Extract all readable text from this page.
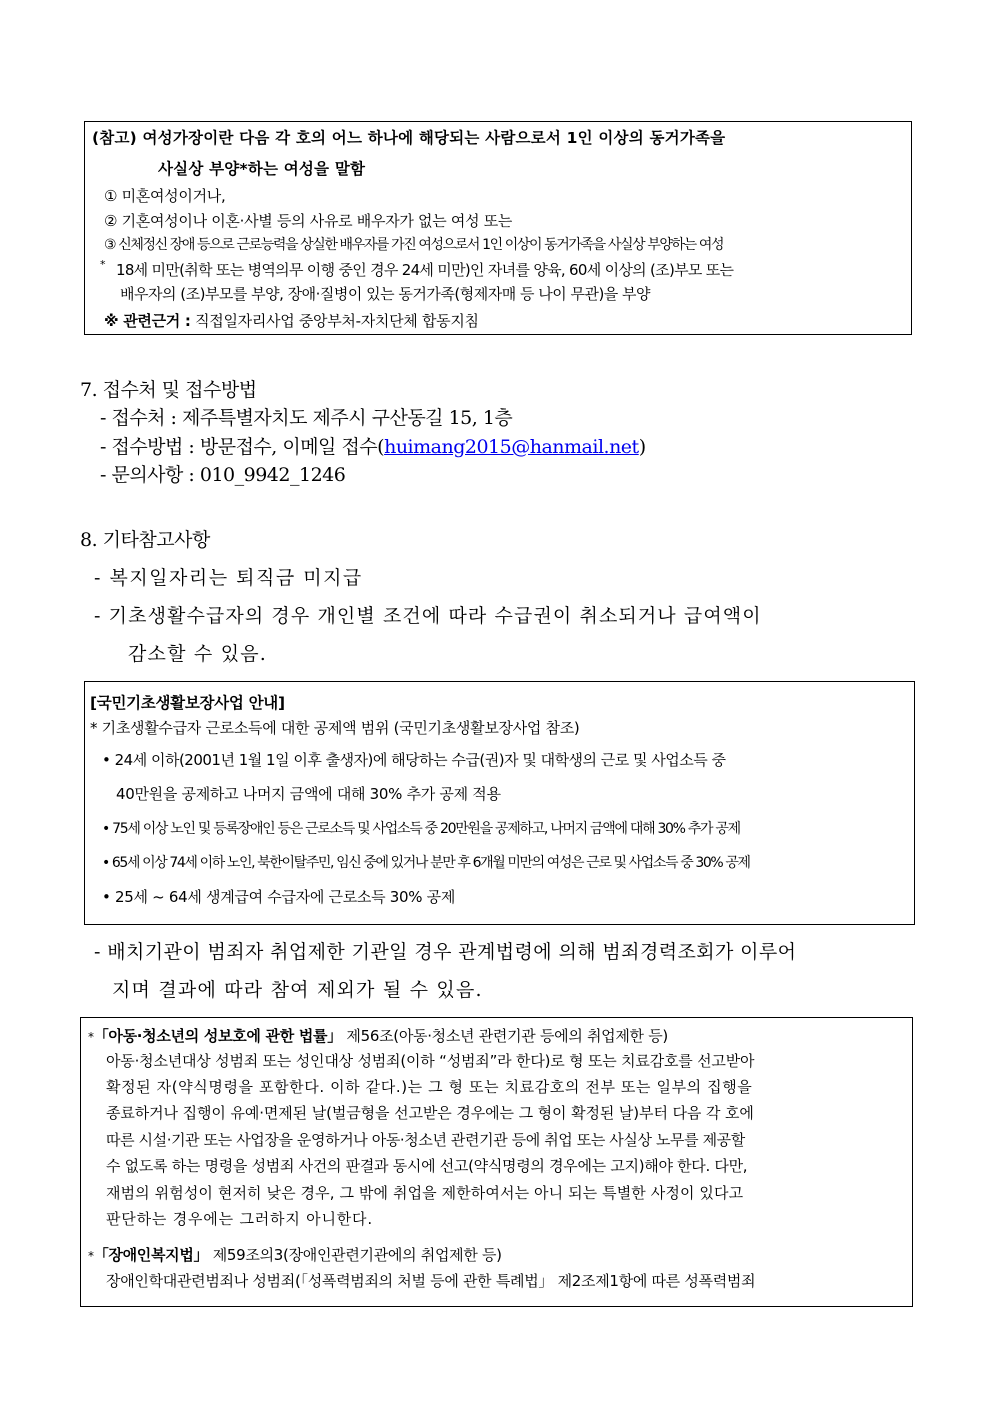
(참고) 여성가장이란 다음 각 호의 어느 하나에 해당되는 사람으로서 1인 이상의 동거가족을
사실상 부양*하는 여성을 말함
① 미혼여성이거나,
② 기혼여성이나 이혼·사별 등의 사유로 배우자가 없는 여성 또는
③ 신체정신 장애 등으로 근로능력을 상실한 배우자를 가진 여성으로서 1인 이상이 동거가족을 사실상 부양하는 여성
* 18세 미만(취학 또는 병역의무 이행 중인 경우 24세 미만)인 자녀를 양육, 60세 이상의 (조)부모 또는
배우자의 (조)부모를 부양, 장애·질병이 있는 동거가족(형제자매 등 나이 무관)을 부양
※ 관련근거 : 직접일자리사업 중앙부처-자치단체 합동지침
7. 접수처 및 접수방법
- 접수처 : 제주특별자치도 제주시 구산동길 15, 1층
- 접수방법 : 방문접수, 이메일 접수(huimang2015@hanmail.net)
- 문의사항 : 010_9942_1246
8. 기타참고사항
- 복지일자리는 퇴직금 미지급
- 기초생활수급자의 경우 개인별 조건에 따라 수급권이 취소되거나 급여액이
감소할 수 있음.
[국민기초생활보장사업 안내]
* 기초생활수급자 근로소득에 대한 공제액 범위 (국민기초생활보장사업 참조)
• 24세 이하(2001년 1월 1일 이후 출생자)에 해당하는 수급(권)자 및 대학생의 근로 및 사업소득 중
40만원을 공제하고 나머지 금액에 대해 30% 추가 공제 적용
• 75세 이상 노인 및 등록장애인 등은 근로소득 및 사업소득 중 20만원을 공제하고, 나머지 금액에 대해 30% 추가 공제
• 65세 이상 74세 이하 노인, 북한이탈주민, 임신 중에 있거나 분만 후 6개월 미만의 여성은 근로 및 사업소득 중 30% 공제
• 25세 ~ 64세 생계급여 수급자에 근로소득 30% 공제
- 배치기관이 범죄자 취업제한 기관일 경우 관계법령에 의해 범죄경력조회가 이루어
지며 결과에 따라 참여 제외가 될 수 있음.
*「아동·청소년의 성보호에 관한 법률」 제56조(아동·청소년 관련기관 등에의 취업제한 등)
아동·청소년대상 성범죄 또는 성인대상 성범죄(이하 “성범죄”라 한다)로 형 또는 치료감호를 선고받아
확정된 자(약식명령을 포함한다. 이하 같다.)는 그 형 또는 치료감호의 전부 또는 일부의 집행을
종료하거나 집행이 유예·면제된 날(벌금형을 선고받은 경우에는 그 형이 확정된 날)부터 다음 각 호에
따른 시설·기관 또는 사업장을 운영하거나 아동·청소년 관련기관 등에 취업 또는 사실상 노무를 제공할
수 없도록 하는 명령을 성범죄 사건의 판결과 동시에 선고(약식명령의 경우에는 고지)해야 한다. 다만,
재범의 위험성이 현저히 낮은 경우, 그 밖에 취업을 제한하여서는 아니 되는 특별한 사정이 있다고
판단하는 경우에는 그러하지 아니한다.
*「장애인복지법」 제59조의3(장애인관련기관에의 취업제한 등)
장애인학대관련범죄나 성범죄(「성폭력범죄의 처벌 등에 관한 특례법」 제2조제1항에 따른 성폭력범죄
